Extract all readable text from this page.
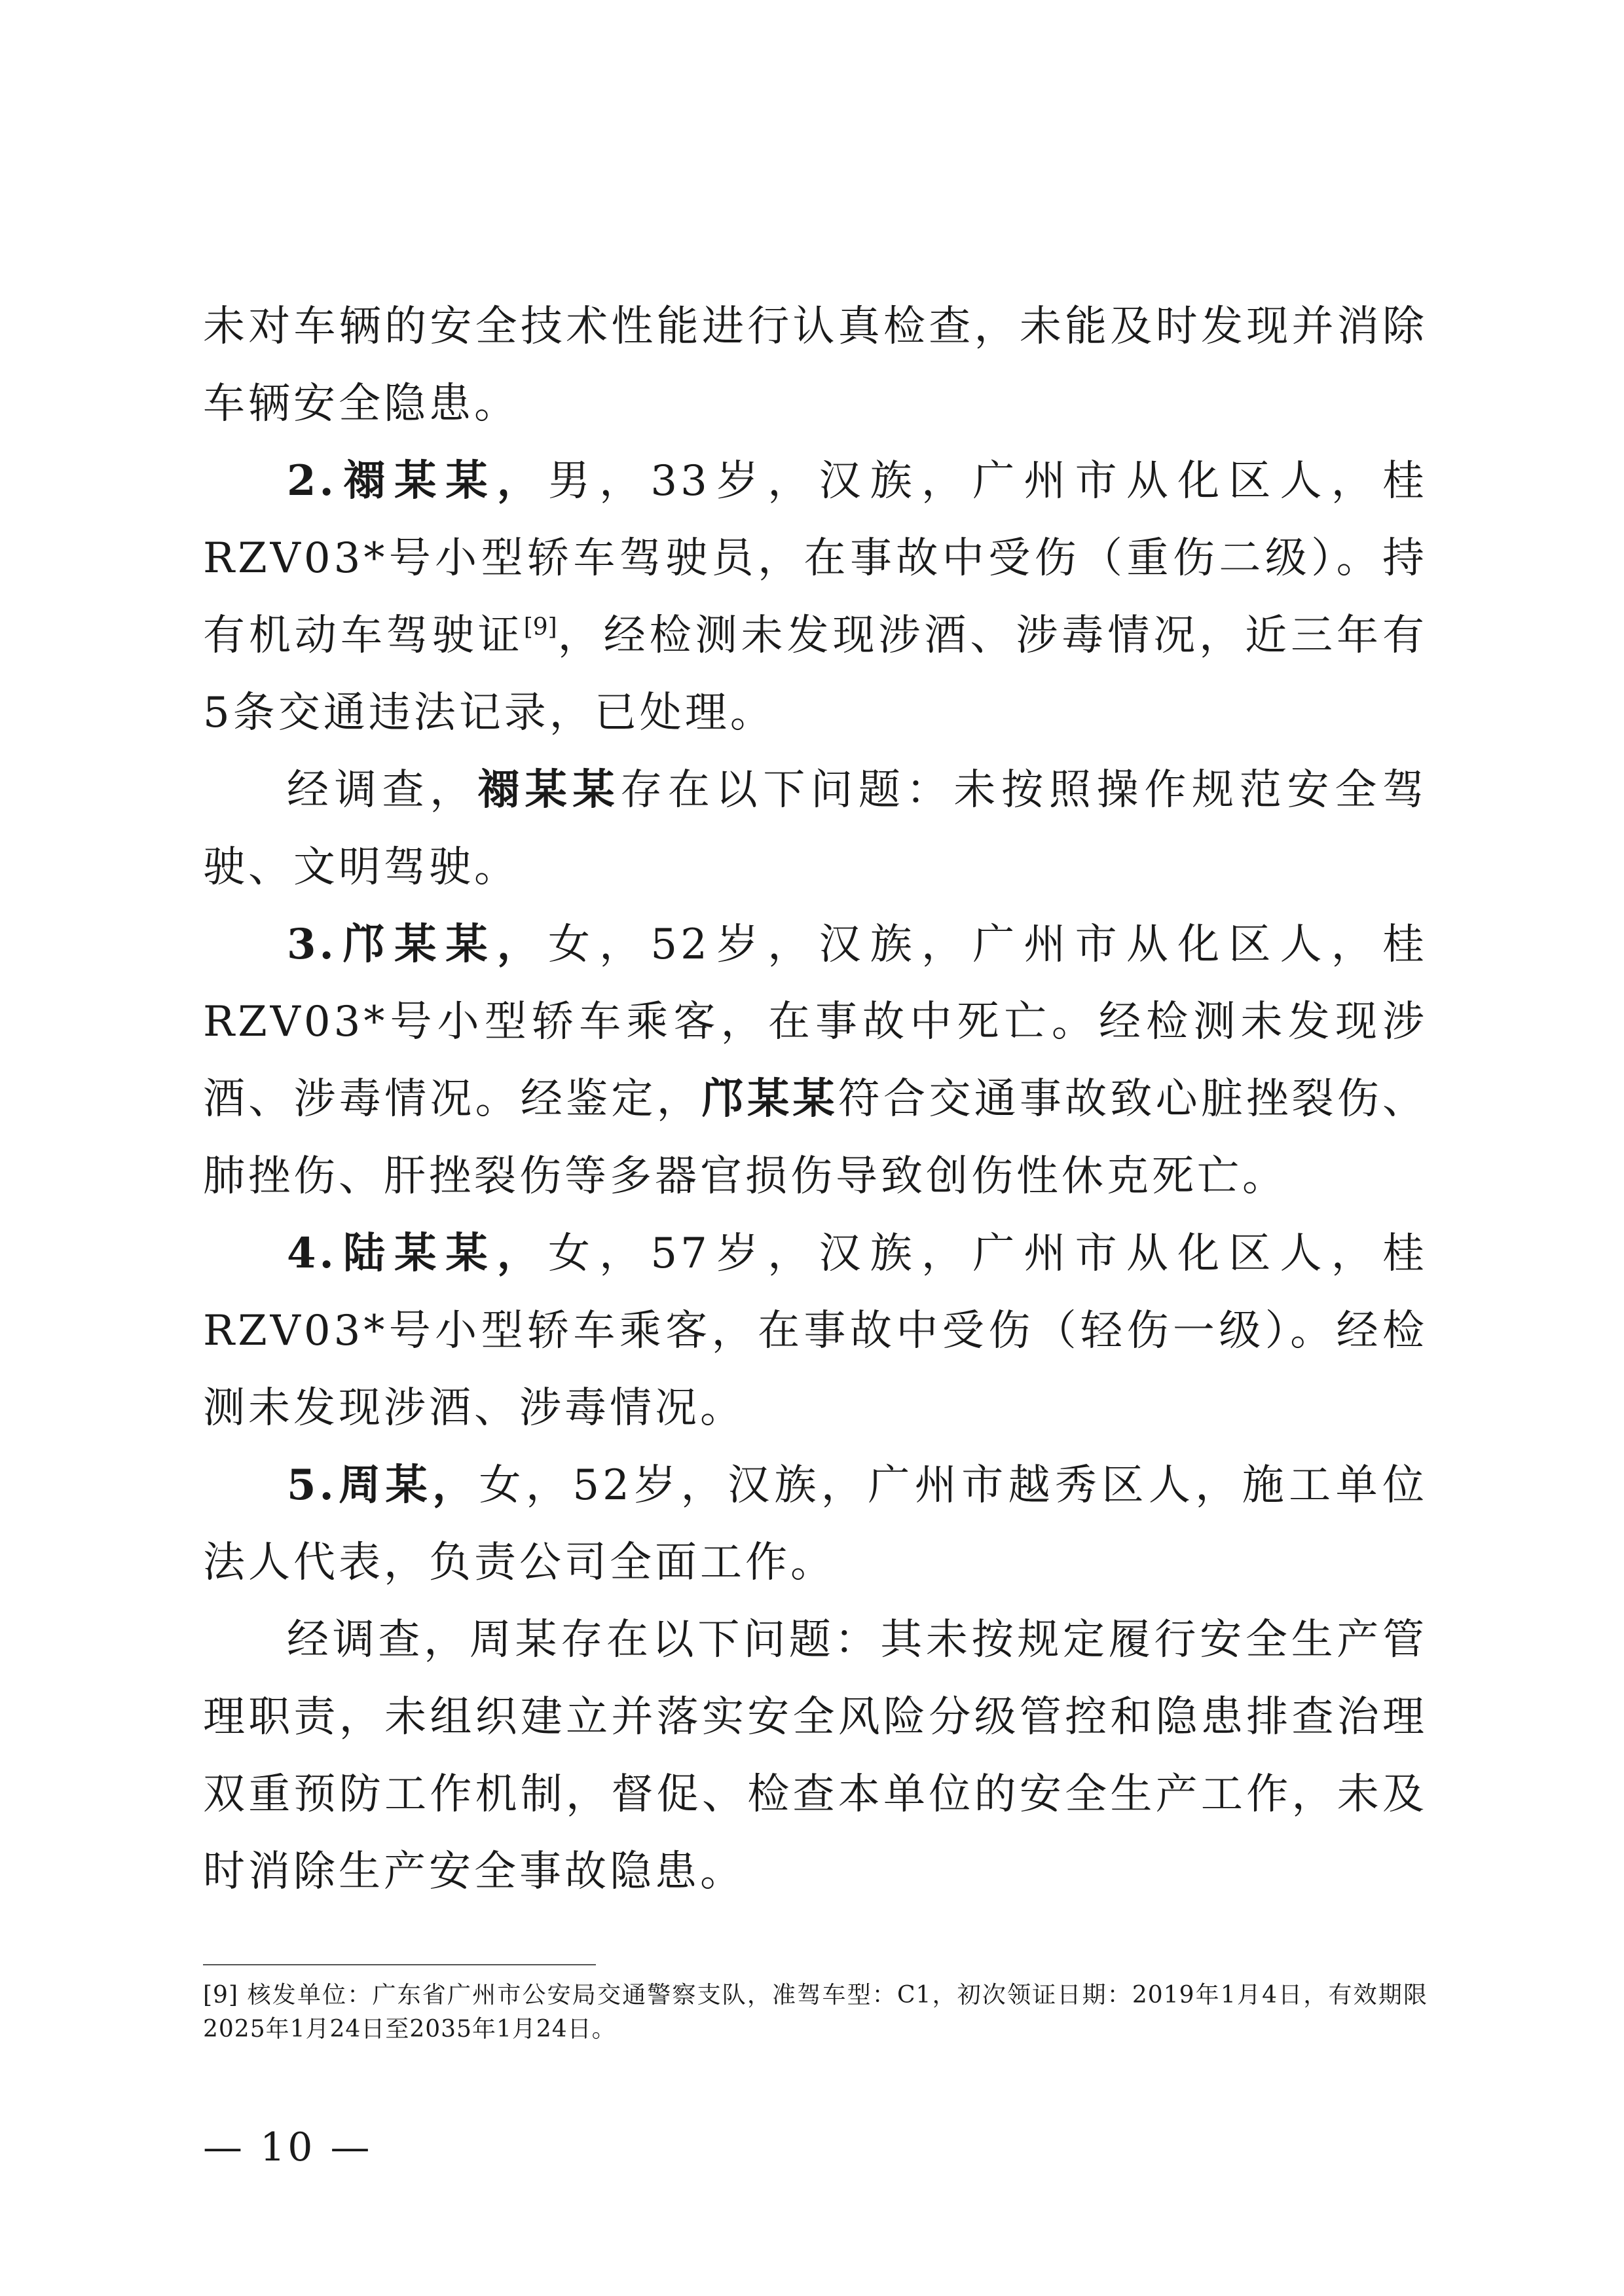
未对车辆的安全技术性能进行认真检查，未能及时发现并消除车辆安全隐患。

2.禤某某，男，33岁，汉族，广州市从化区人，桂RZV03*号小型轿车驾驶员，在事故中受伤（重伤二级）。持有机动车驾驶证[9]，经检测未发现涉酒、涉毒情况，近三年有5条交通违法记录，已处理。

经调查，禤某某存在以下问题：未按照操作规范安全驾驶、文明驾驶。

3.邝某某，女，52岁，汉族，广州市从化区人，桂RZV03*号小型轿车乘客，在事故中死亡。经检测未发现涉酒、涉毒情况。经鉴定，邝某某符合交通事故致心脏挫裂伤、肺挫伤、肝挫裂伤等多器官损伤导致创伤性休克死亡。

4.陆某某，女，57岁，汉族，广州市从化区人，桂RZV03*号小型轿车乘客，在事故中受伤（轻伤一级）。经检测未发现涉酒、涉毒情况。

5.周某，女，52岁，汉族，广州市越秀区人，施工单位法人代表，负责公司全面工作。

经调查，周某存在以下问题：其未按规定履行安全生产管理职责，未组织建立并落实安全风险分级管控和隐患排查治理双重预防工作机制，督促、检查本单位的安全生产工作，未及时消除生产安全事故隐患。

[9] 核发单位：广东省广州市公安局交通警察支队，准驾车型：C1，初次领证日期：2019年1月4日，有效期限2025年1月24日至2035年1月24日。

— 10 —
